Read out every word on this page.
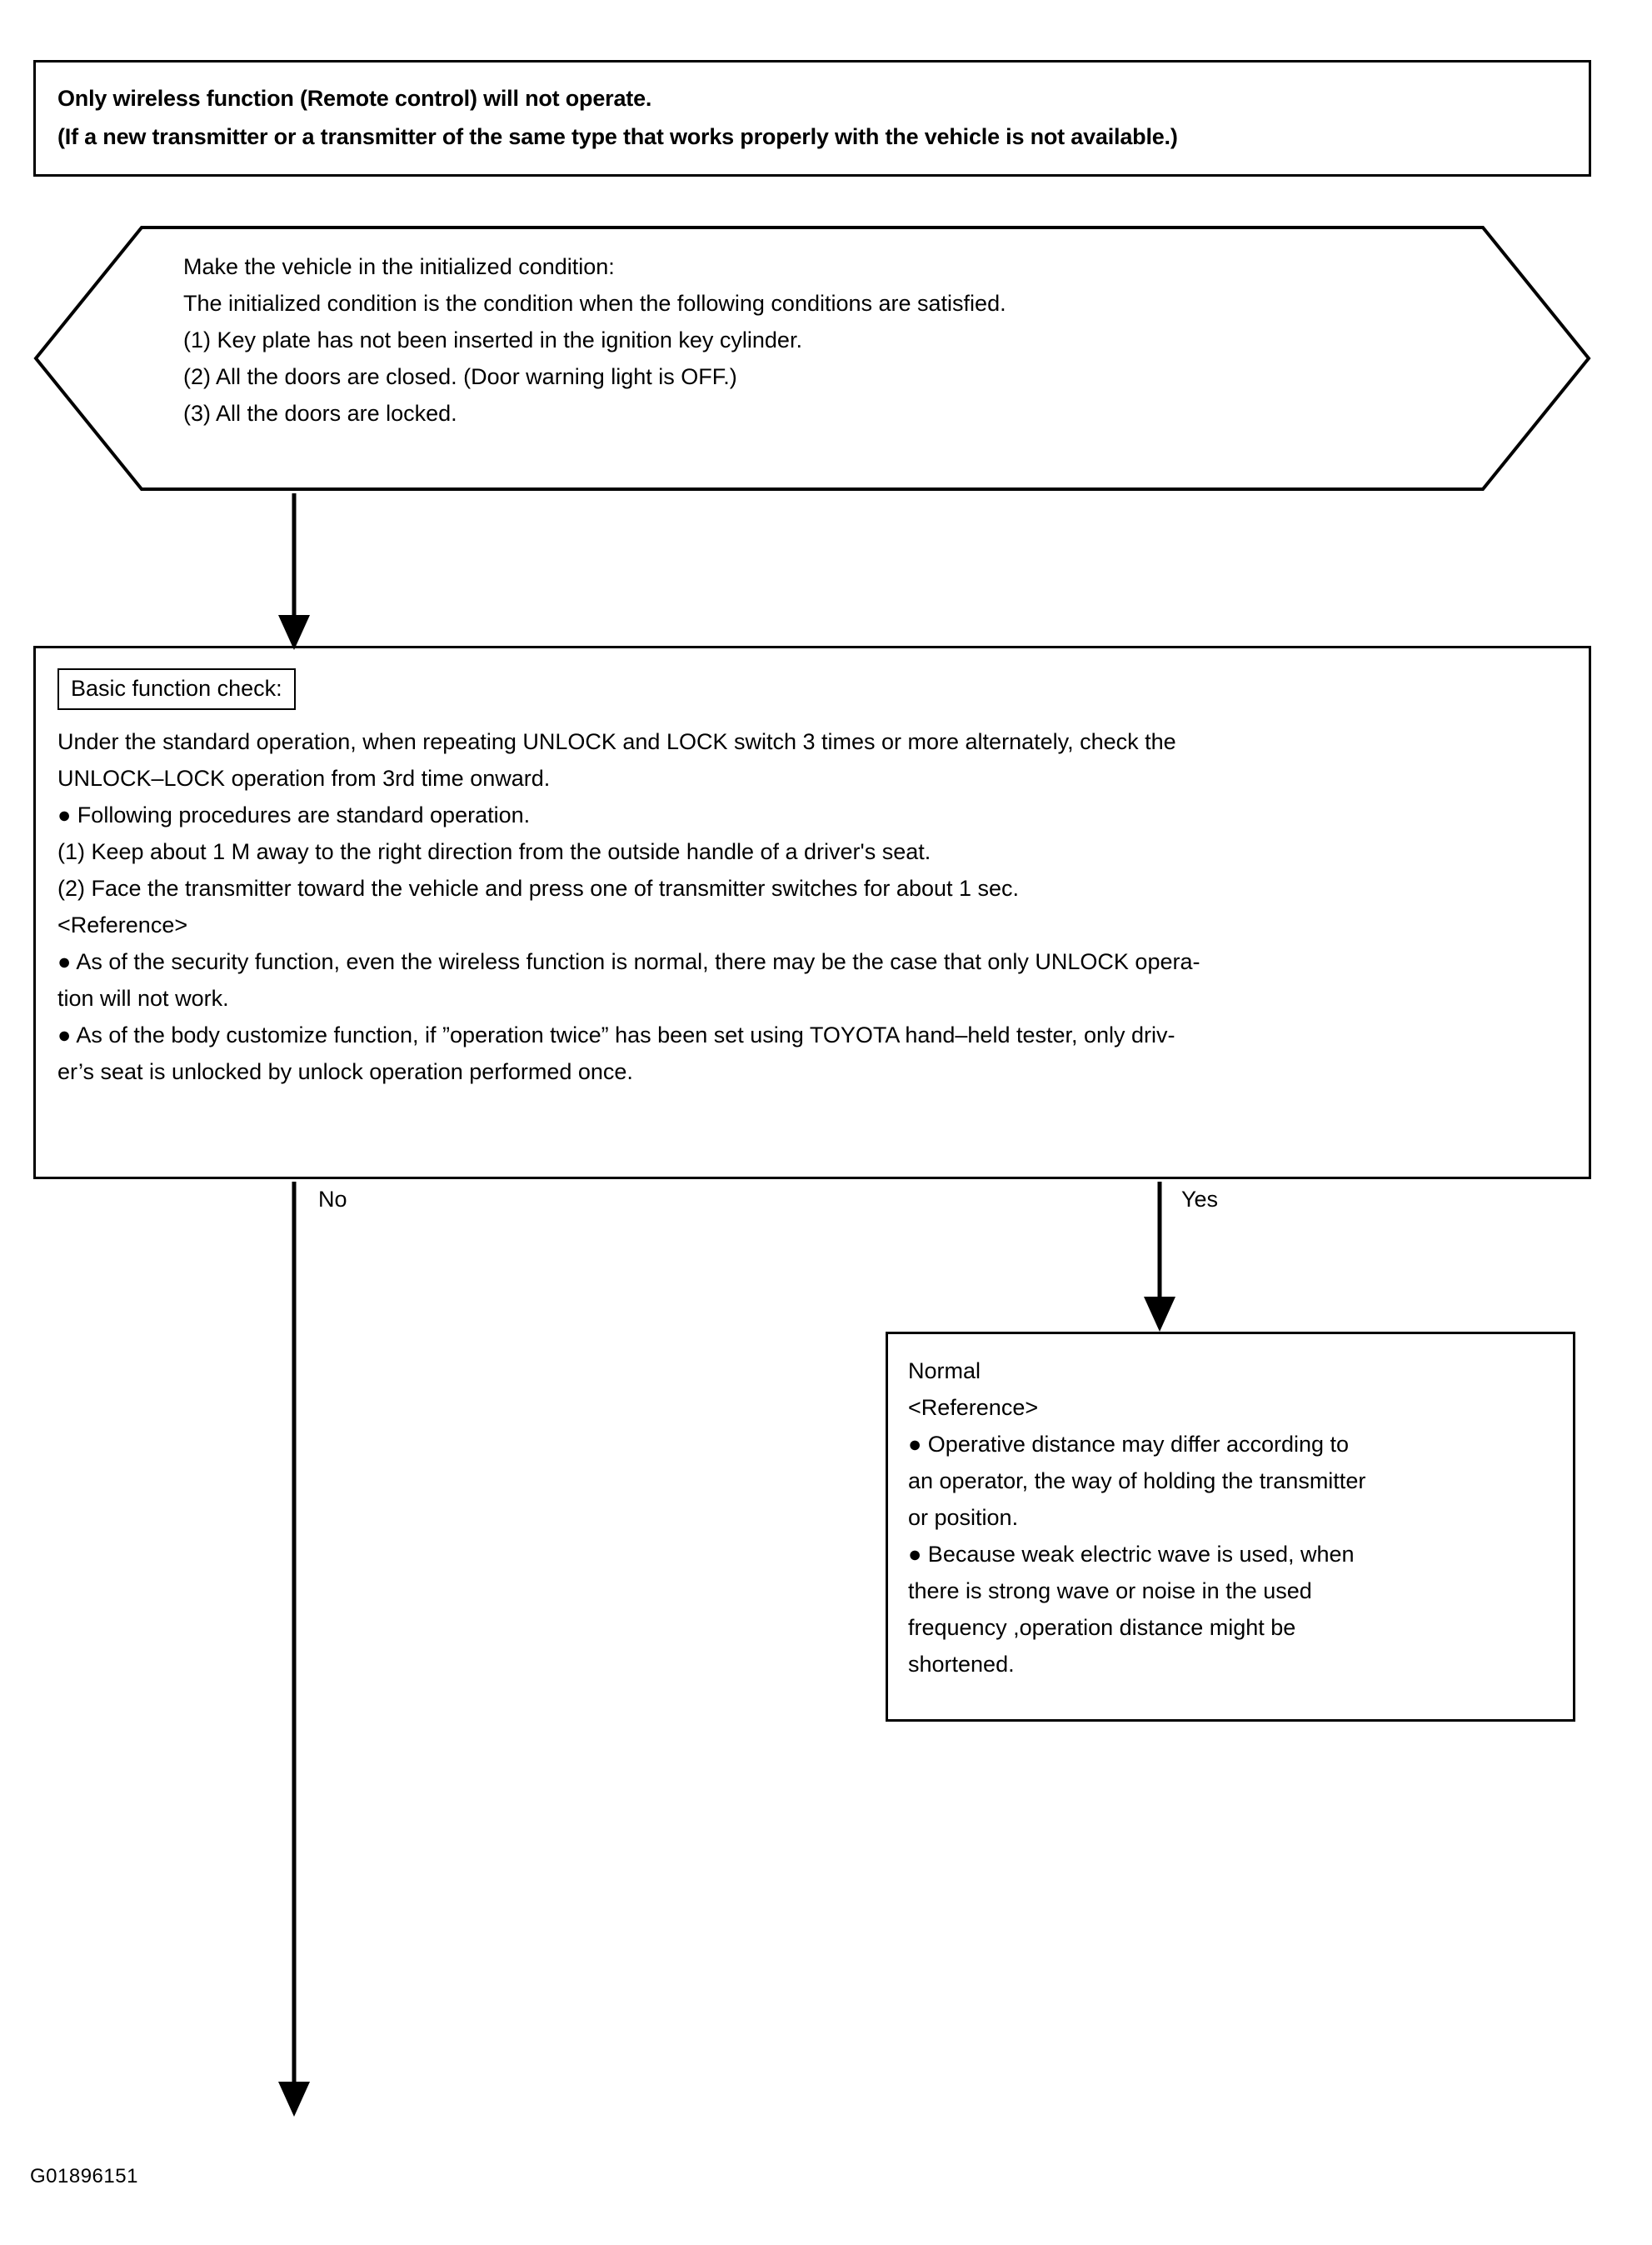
Only wireless function (Remote control) will not operate.
(If a new transmitter or a transmitter of the same type that works properly with the vehicle is not available.)
Make the vehicle in the initialized condition:
The initialized condition is the condition when the following conditions are satisfied.
(1) Key plate has not been inserted in the ignition key cylinder.
(2) All the doors are closed. (Door warning light is OFF.)
(3) All the doors are locked.
Basic function check:
Under the standard operation, when repeating UNLOCK and LOCK switch 3 times or more alternately, check the
UNLOCK–LOCK operation from 3rd time onward.
● Following procedures are standard operation.
(1) Keep about 1 M away to the right direction from the outside handle of a driver's seat.
(2) Face the transmitter toward the vehicle and press one of transmitter switches for about 1 sec.
<Reference>
● As of the security function, even the wireless function is normal, there may be the case that only UNLOCK opera-
tion will not work.
● As of the body customize function, if ”operation twice” has been set using TOYOTA hand–held tester, only driv-
er’s seat is unlocked by unlock operation performed once.
No	Yes
Normal
<Reference>
● Operative distance may differ according to
an operator, the way of holding the transmitter
or position.
● Because weak electric wave is used, when
there is strong wave or noise in the used
frequency ,operation distance might be
shortened.
G01896151
